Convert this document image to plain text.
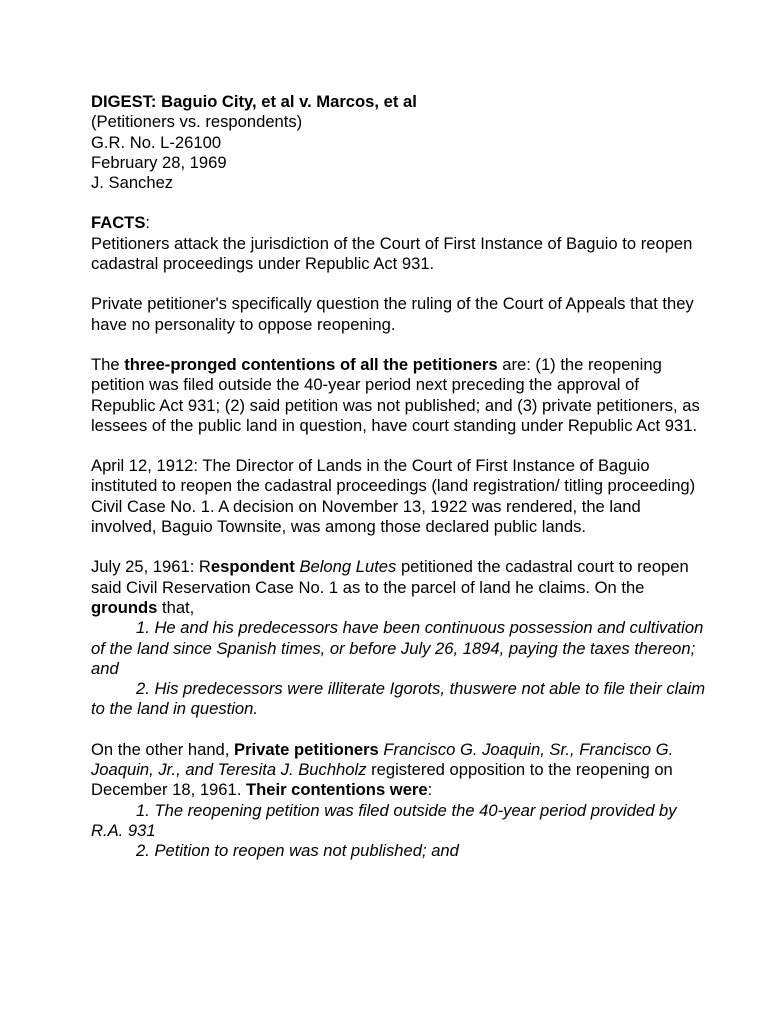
DIGEST: Baguio City, et al v. Marcos, et al

(Petitioners vs. respondents)

G.R. No. L-26100

February 28, 1969

J. Sanchez

FACTS:

Petitioners attack the jurisdiction of the Court of First Instance of Baguio to reopen cadastral proceedings under Republic Act 931.

Private petitioner's specifically question the ruling of the Court of Appeals that they have no personality to oppose reopening.

The three-pronged contentions of all the petitioners are: (1) the reopening petition was filed outside the 40-year period next preceding the approval of Republic Act 931; (2) said petition was not published; and (3) private petitioners, as lessees of the public land in question, have court standing under Republic Act 931.

April 12, 1912: The Director of Lands in the Court of First Instance of Baguio instituted to reopen the cadastral proceedings (land registration/ titling proceeding) Civil Case No. 1. A decision on November 13, 1922 was rendered, the land involved, Baguio Townsite, was among those declared public lands.

July 25, 1961: Respondent Belong Lutes petitioned the cadastral court to reopen said Civil Reservation Case No. 1 as to the parcel of land he claims. On the grounds that,

1. He and his predecessors have been continuous possession and cultivation of the land since Spanish times, or before July 26, 1894, paying the taxes thereon; and

2. His predecessors were illiterate Igorots, thuswere not able to file their claim to the land in question.

On the other hand, Private petitioners Francisco G. Joaquin, Sr., Francisco G. Joaquin, Jr., and Teresita J. Buchholz registered opposition to the reopening on December 18, 1961. Their contentions were:

1. The reopening petition was filed outside the 40-year period provided by R.A. 931

2. Petition to reopen was not published; and
